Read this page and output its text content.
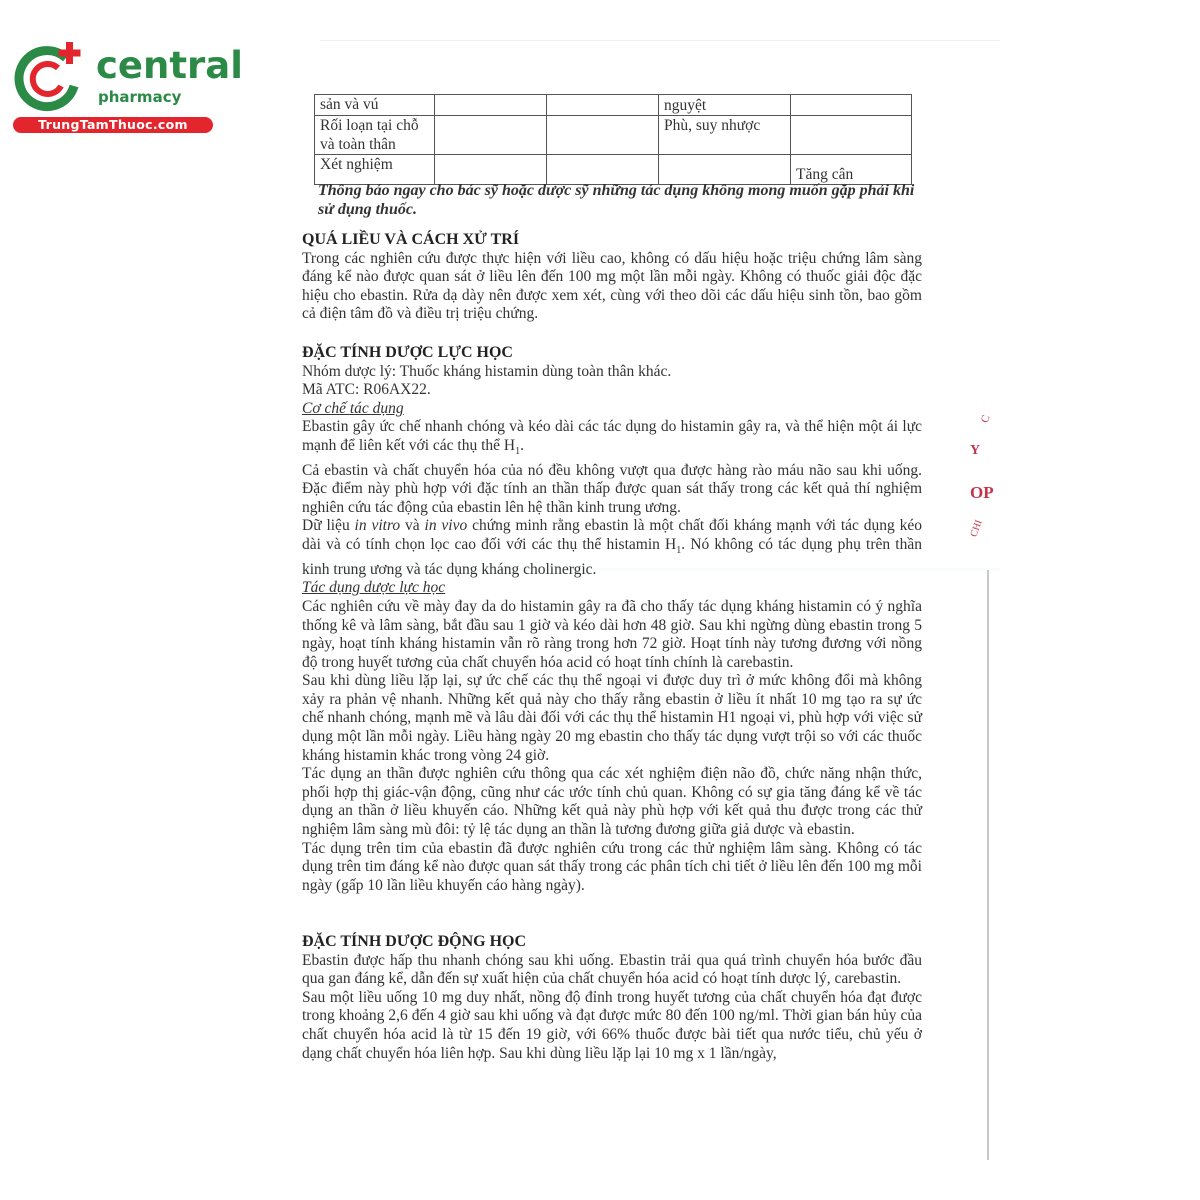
central
pharmacy
TrungTamThuoc.com
sản và vú			nguyệt	
Rối loạn tại chỗ và toàn thân			Phù, suy nhược	
Xét nghiệm				Tăng cân
Thông báo ngay cho bác sỹ hoặc dược sỹ những tác dụng không mong muốn gặp phải khi sử dụng thuốc.

QUÁ LIỀU VÀ CÁCH XỬ TRÍ

Trong các nghiên cứu được thực hiện với liều cao, không có dấu hiệu hoặc triệu chứng lâm sàng đáng kể nào được quan sát ở liều lên đến 100 mg một lần mỗi ngày. Không có thuốc giải độc đặc hiệu cho ebastin. Rửa dạ dày nên được xem xét, cùng với theo dõi các dấu hiệu sinh tồn, bao gồm cả điện tâm đồ và điều trị triệu chứng.

ĐẶC TÍNH DƯỢC LỰC HỌC

Nhóm dược lý: Thuốc kháng histamin dùng toàn thân khác.

Mã ATC: R06AX22.

Cơ chế tác dụng

Ebastin gây ức chế nhanh chóng và kéo dài các tác dụng do histamin gây ra, và thể hiện một ái lực mạnh để liên kết với các thụ thể $H_1$.

Cả ebastin và chất chuyển hóa của nó đều không vượt qua được hàng rào máu não sau khi uống. Đặc điểm này phù hợp với đặc tính an thần thấp được quan sát thấy trong các kết quả thí nghiệm nghiên cứu tác động của ebastin lên hệ thần kinh trung ương.

Dữ liệu in vitro và in vivo chứng minh rằng ebastin là một chất đối kháng mạnh với tác dụng kéo dài và có tính chọn lọc cao đối với các thụ thể histamin $H_1$. Nó không có tác dụng phụ trên thần kinh trung ương và tác dụng kháng cholinergic.

Tác dụng dược lực học

Các nghiên cứu về mày đay da do histamin gây ra đã cho thấy tác dụng kháng histamin có ý nghĩa thống kê và lâm sàng, bắt đầu sau 1 giờ và kéo dài hơn 48 giờ. Sau khi ngừng dùng ebastin trong 5 ngày, hoạt tính kháng histamin vẫn rõ ràng trong hơn 72 giờ. Hoạt tính này tương đương với nồng độ trong huyết tương của chất chuyển hóa acid có hoạt tính chính là carebastin.

Sau khi dùng liều lặp lại, sự ức chế các thụ thể ngoại vi được duy trì ở mức không đổi mà không xảy ra phản vệ nhanh. Những kết quả này cho thấy rằng ebastin ở liều ít nhất 10 mg tạo ra sự ức chế nhanh chóng, mạnh mẽ và lâu dài đối với các thụ thể histamin H1 ngoại vi, phù hợp với việc sử dụng một lần mỗi ngày. Liều hàng ngày 20 mg ebastin cho thấy tác dụng vượt trội so với các thuốc kháng histamin khác trong vòng 24 giờ.

Tác dụng an thần được nghiên cứu thông qua các xét nghiệm điện não đồ, chức năng nhận thức, phối hợp thị giác-vận động, cũng như các ước tính chủ quan. Không có sự gia tăng đáng kể về tác dụng an thần ở liều khuyến cáo. Những kết quả này phù hợp với kết quả thu được trong các thử nghiệm lâm sàng mù đôi: tỷ lệ tác dụng an thần là tương đương giữa giả dược và ebastin.

Tác dụng trên tim của ebastin đã được nghiên cứu trong các thử nghiệm lâm sàng. Không có tác dụng trên tim đáng kể nào được quan sát thấy trong các phân tích chi tiết ở liều lên đến 100 mg mỗi ngày (gấp 10 lần liều khuyến cáo hàng ngày).

ĐẶC TÍNH DƯỢC ĐỘNG HỌC

Ebastin được hấp thu nhanh chóng sau khi uống. Ebastin trải qua quá trình chuyển hóa bước đầu qua gan đáng kể, dẫn đến sự xuất hiện của chất chuyển hóa acid có hoạt tính dược lý, carebastin.

Sau một liều uống 10 mg duy nhất, nồng độ đỉnh trong huyết tương của chất chuyển hóa đạt được trong khoảng 2,6 đến 4 giờ sau khi uống và đạt được mức 80 đến 100 ng/ml. Thời gian bán hủy của chất chuyển hóa acid là từ 15 đến 19 giờ, với 66% thuốc được bài tiết qua nước tiểu, chủ yếu ở dạng chất chuyển hóa liên hợp. Sau khi dùng liều lặp lại 10 mg x 1 lần/ngày,

C
Y
OP
CHI
